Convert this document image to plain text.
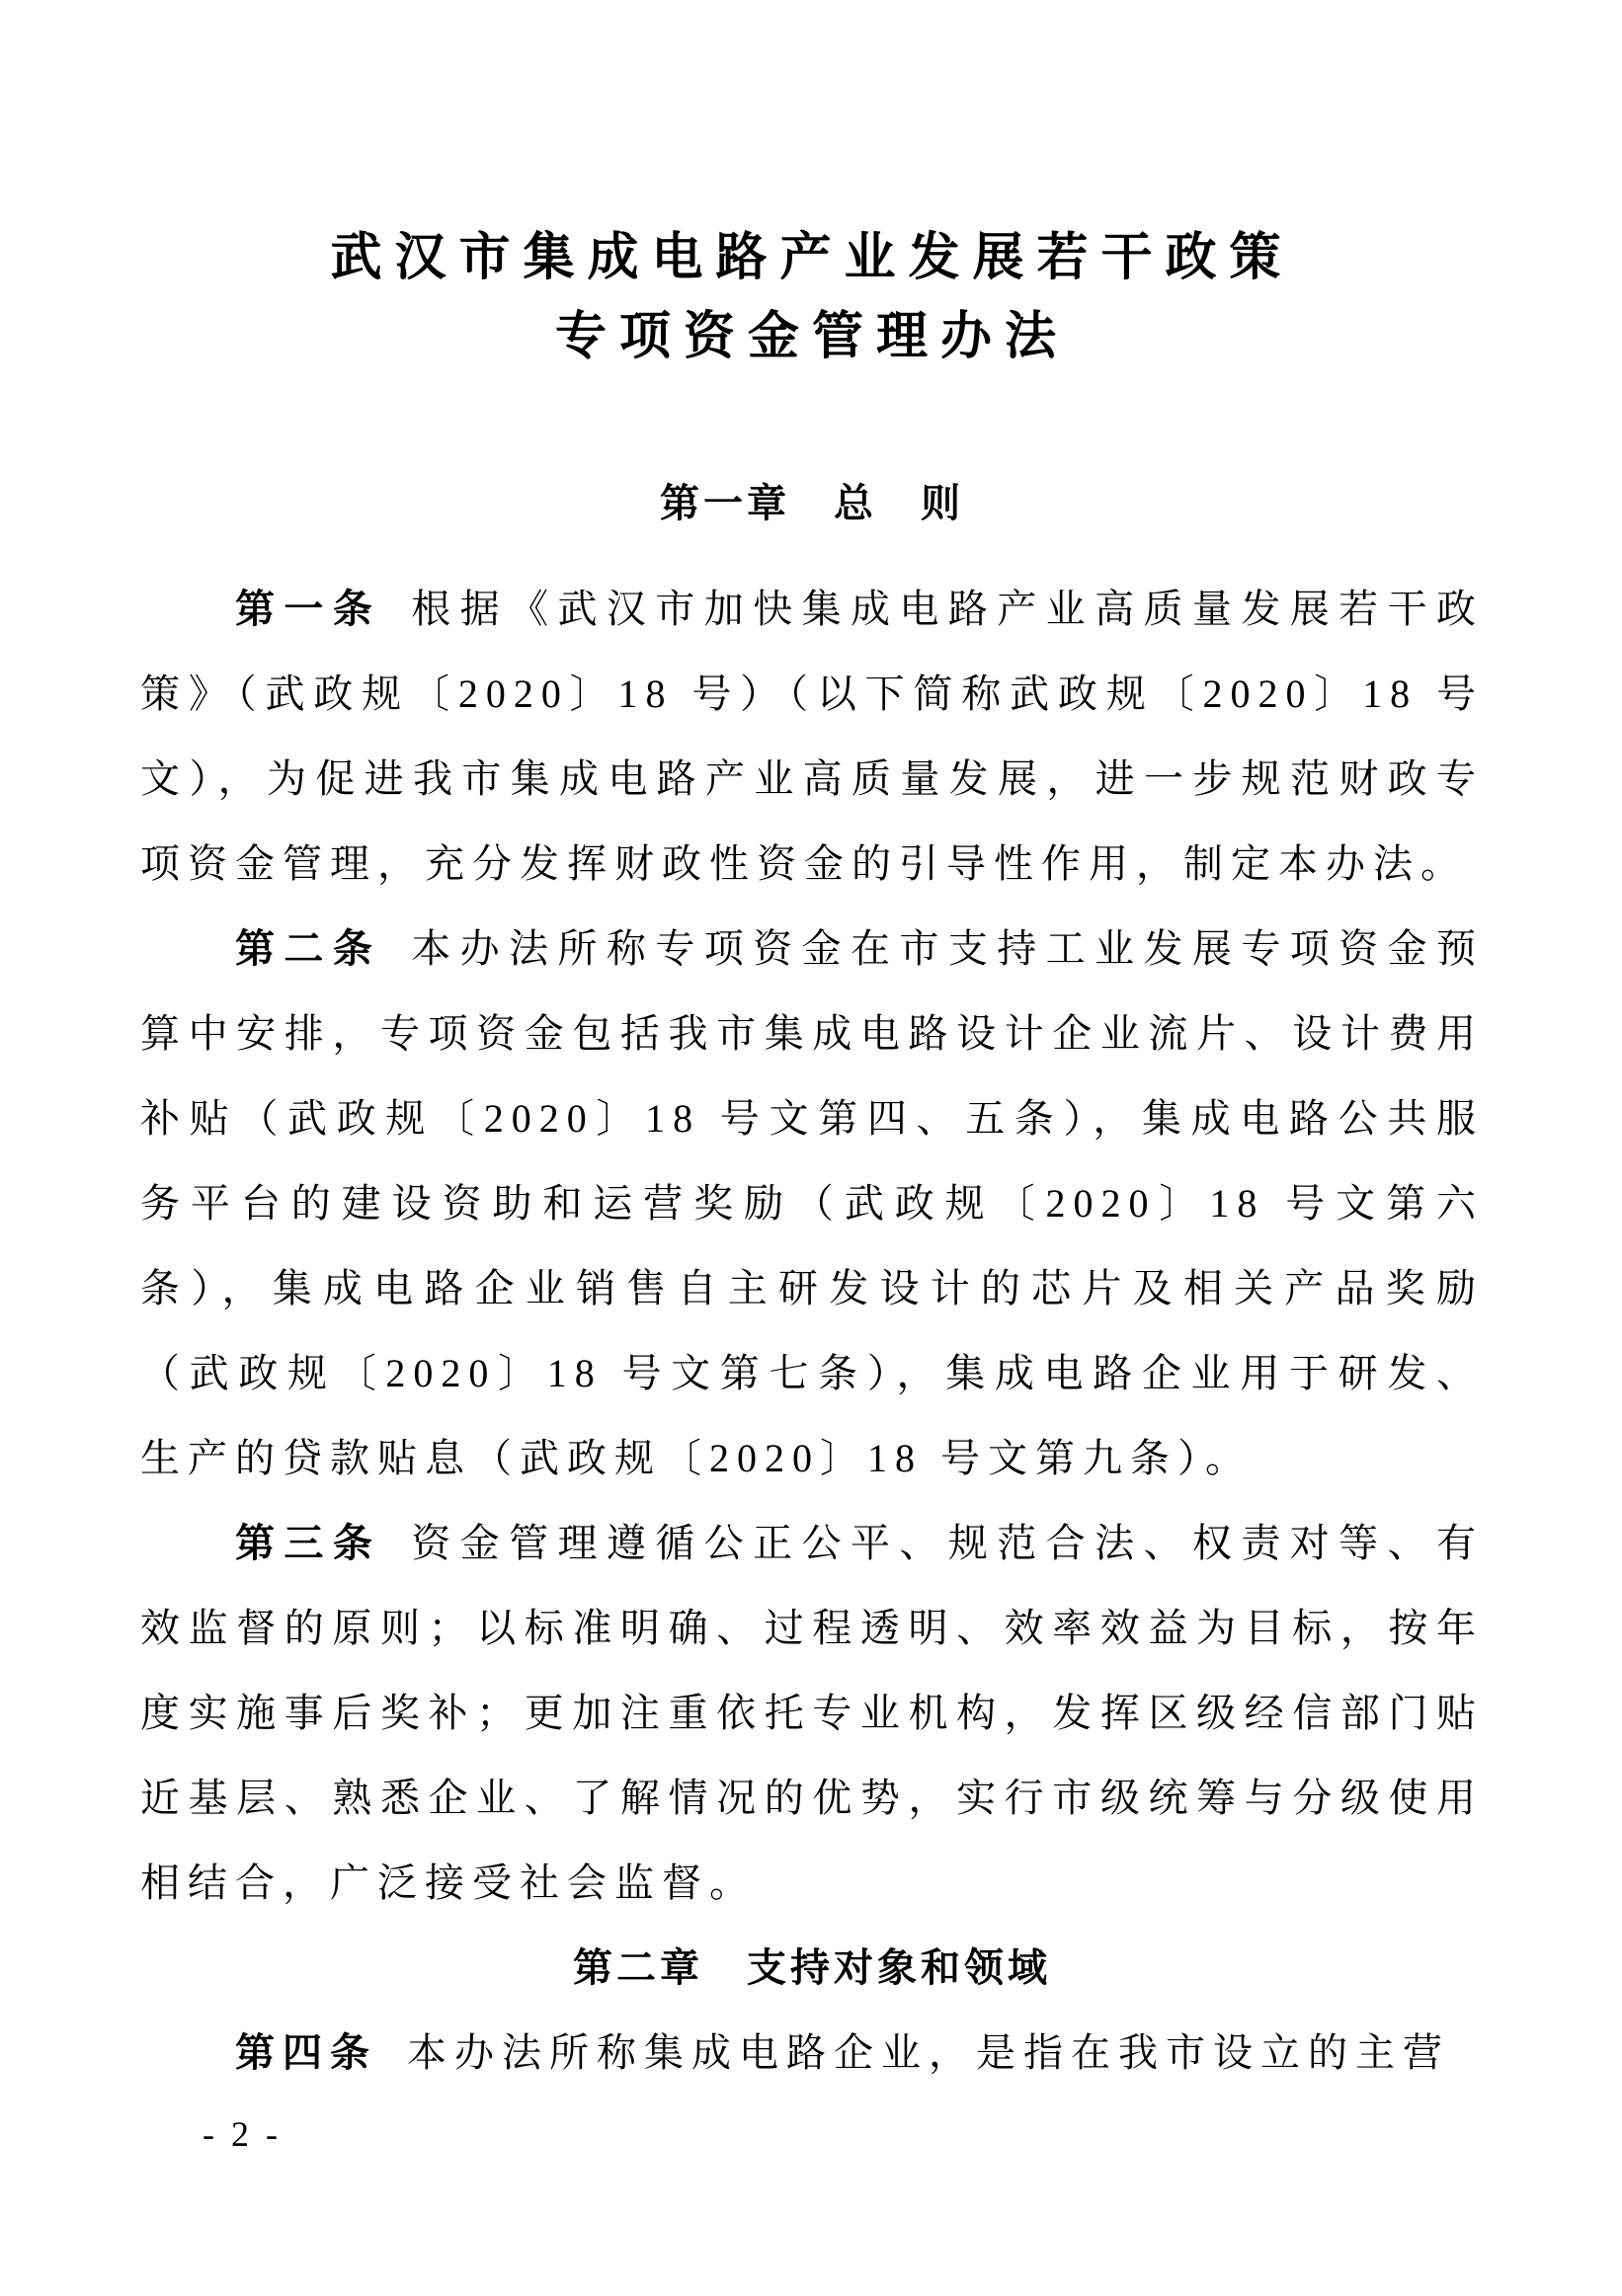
武汉市集成电路产业发展若干政策
专项资金管理办法
第一章　总　则

第一条 根据《武汉市加快集成电路产业高质量发展若干政策》（武政规〔2020〕18 号）（以下简称武政规〔2020〕18 号文），为促进我市集成电路产业高质量发展，进一步规范财政专项资金管理，充分发挥财政性资金的引导性作用，制定本办法。

第二条 本办法所称专项资金在市支持工业发展专项资金预算中安排，专项资金包括我市集成电路设计企业流片、设计费用补贴（武政规〔2020〕18 号文第四、五条），集成电路公共服务平台的建设资助和运营奖励（武政规〔2020〕18 号文第六条），集成电路企业销售自主研发设计的芯片及相关产品奖励（武政规〔2020〕18 号文第七条），集成电路企业用于研发、生产的贷款贴息（武政规〔2020〕18 号文第九条）。

第三条 资金管理遵循公正公平、规范合法、权责对等、有效监督的原则；以标准明确、过程透明、效率效益为目标，按年度实施事后奖补；更加注重依托专业机构，发挥区级经信部门贴近基层、熟悉企业、了解情况的优势，实行市级统筹与分级使用相结合，广泛接受社会监督。

第二章　支持对象和领域

第四条 本办法所称集成电路企业，是指在我市设立的主营

- 2 -
